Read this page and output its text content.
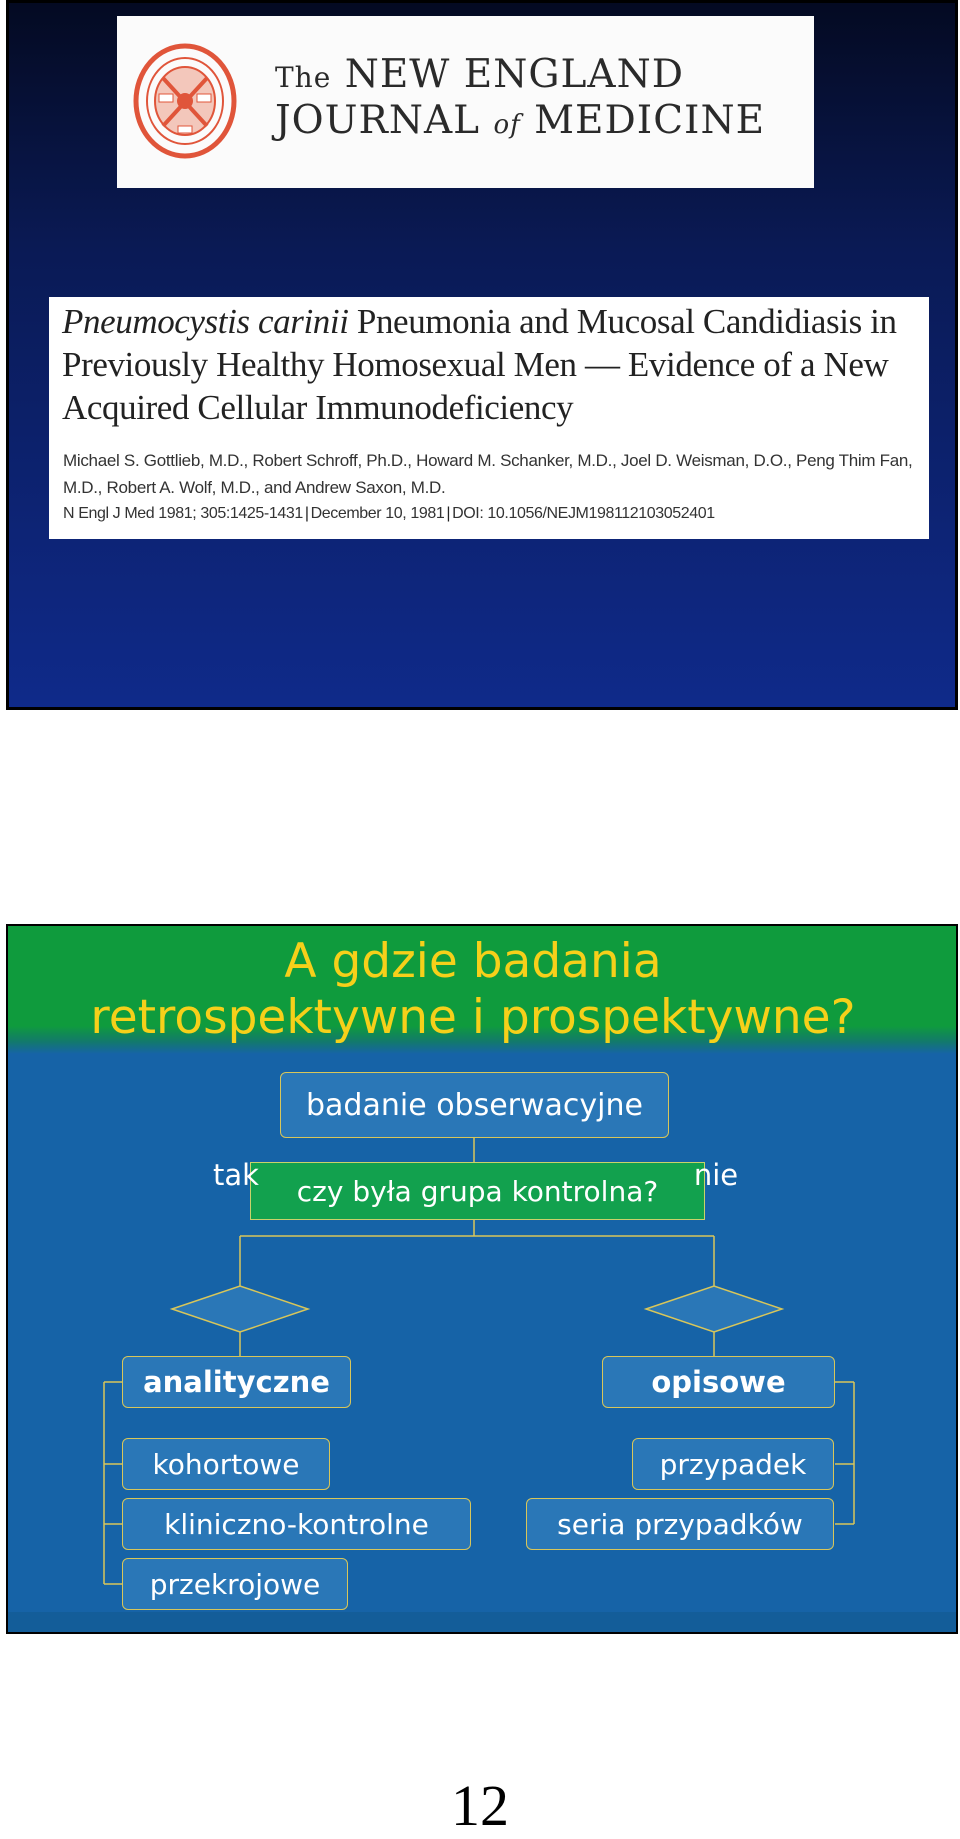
The NEW ENGLAND
JOURNAL of MEDICINE
Pneumocystis carinii Pneumonia and Mucosal Candidiasis in
Previously Healthy Homosexual Men — Evidence of a New
Acquired Cellular Immunodeficiency
Michael S. Gottlieb, M.D., Robert Schroff, Ph.D., Howard M. Schanker, M.D., Joel D. Weisman, D.O., Peng Thim Fan,
M.D., Robert A. Wolf, M.D., and Andrew Saxon, M.D.
N Engl J Med 1981; 305:1425-1431 | December 10, 1981 | DOI: 10.1056/NEJM198112103052401
A gdzie badania
retrospektywne i prospektywne?
badanie obserwacyjne
czy była grupa kontrolna?
analityczne	opisowe
kohortowe
kliniczno-kontrolne
przekrojowe
przypadek
seria przypadków
tak	nie
12
